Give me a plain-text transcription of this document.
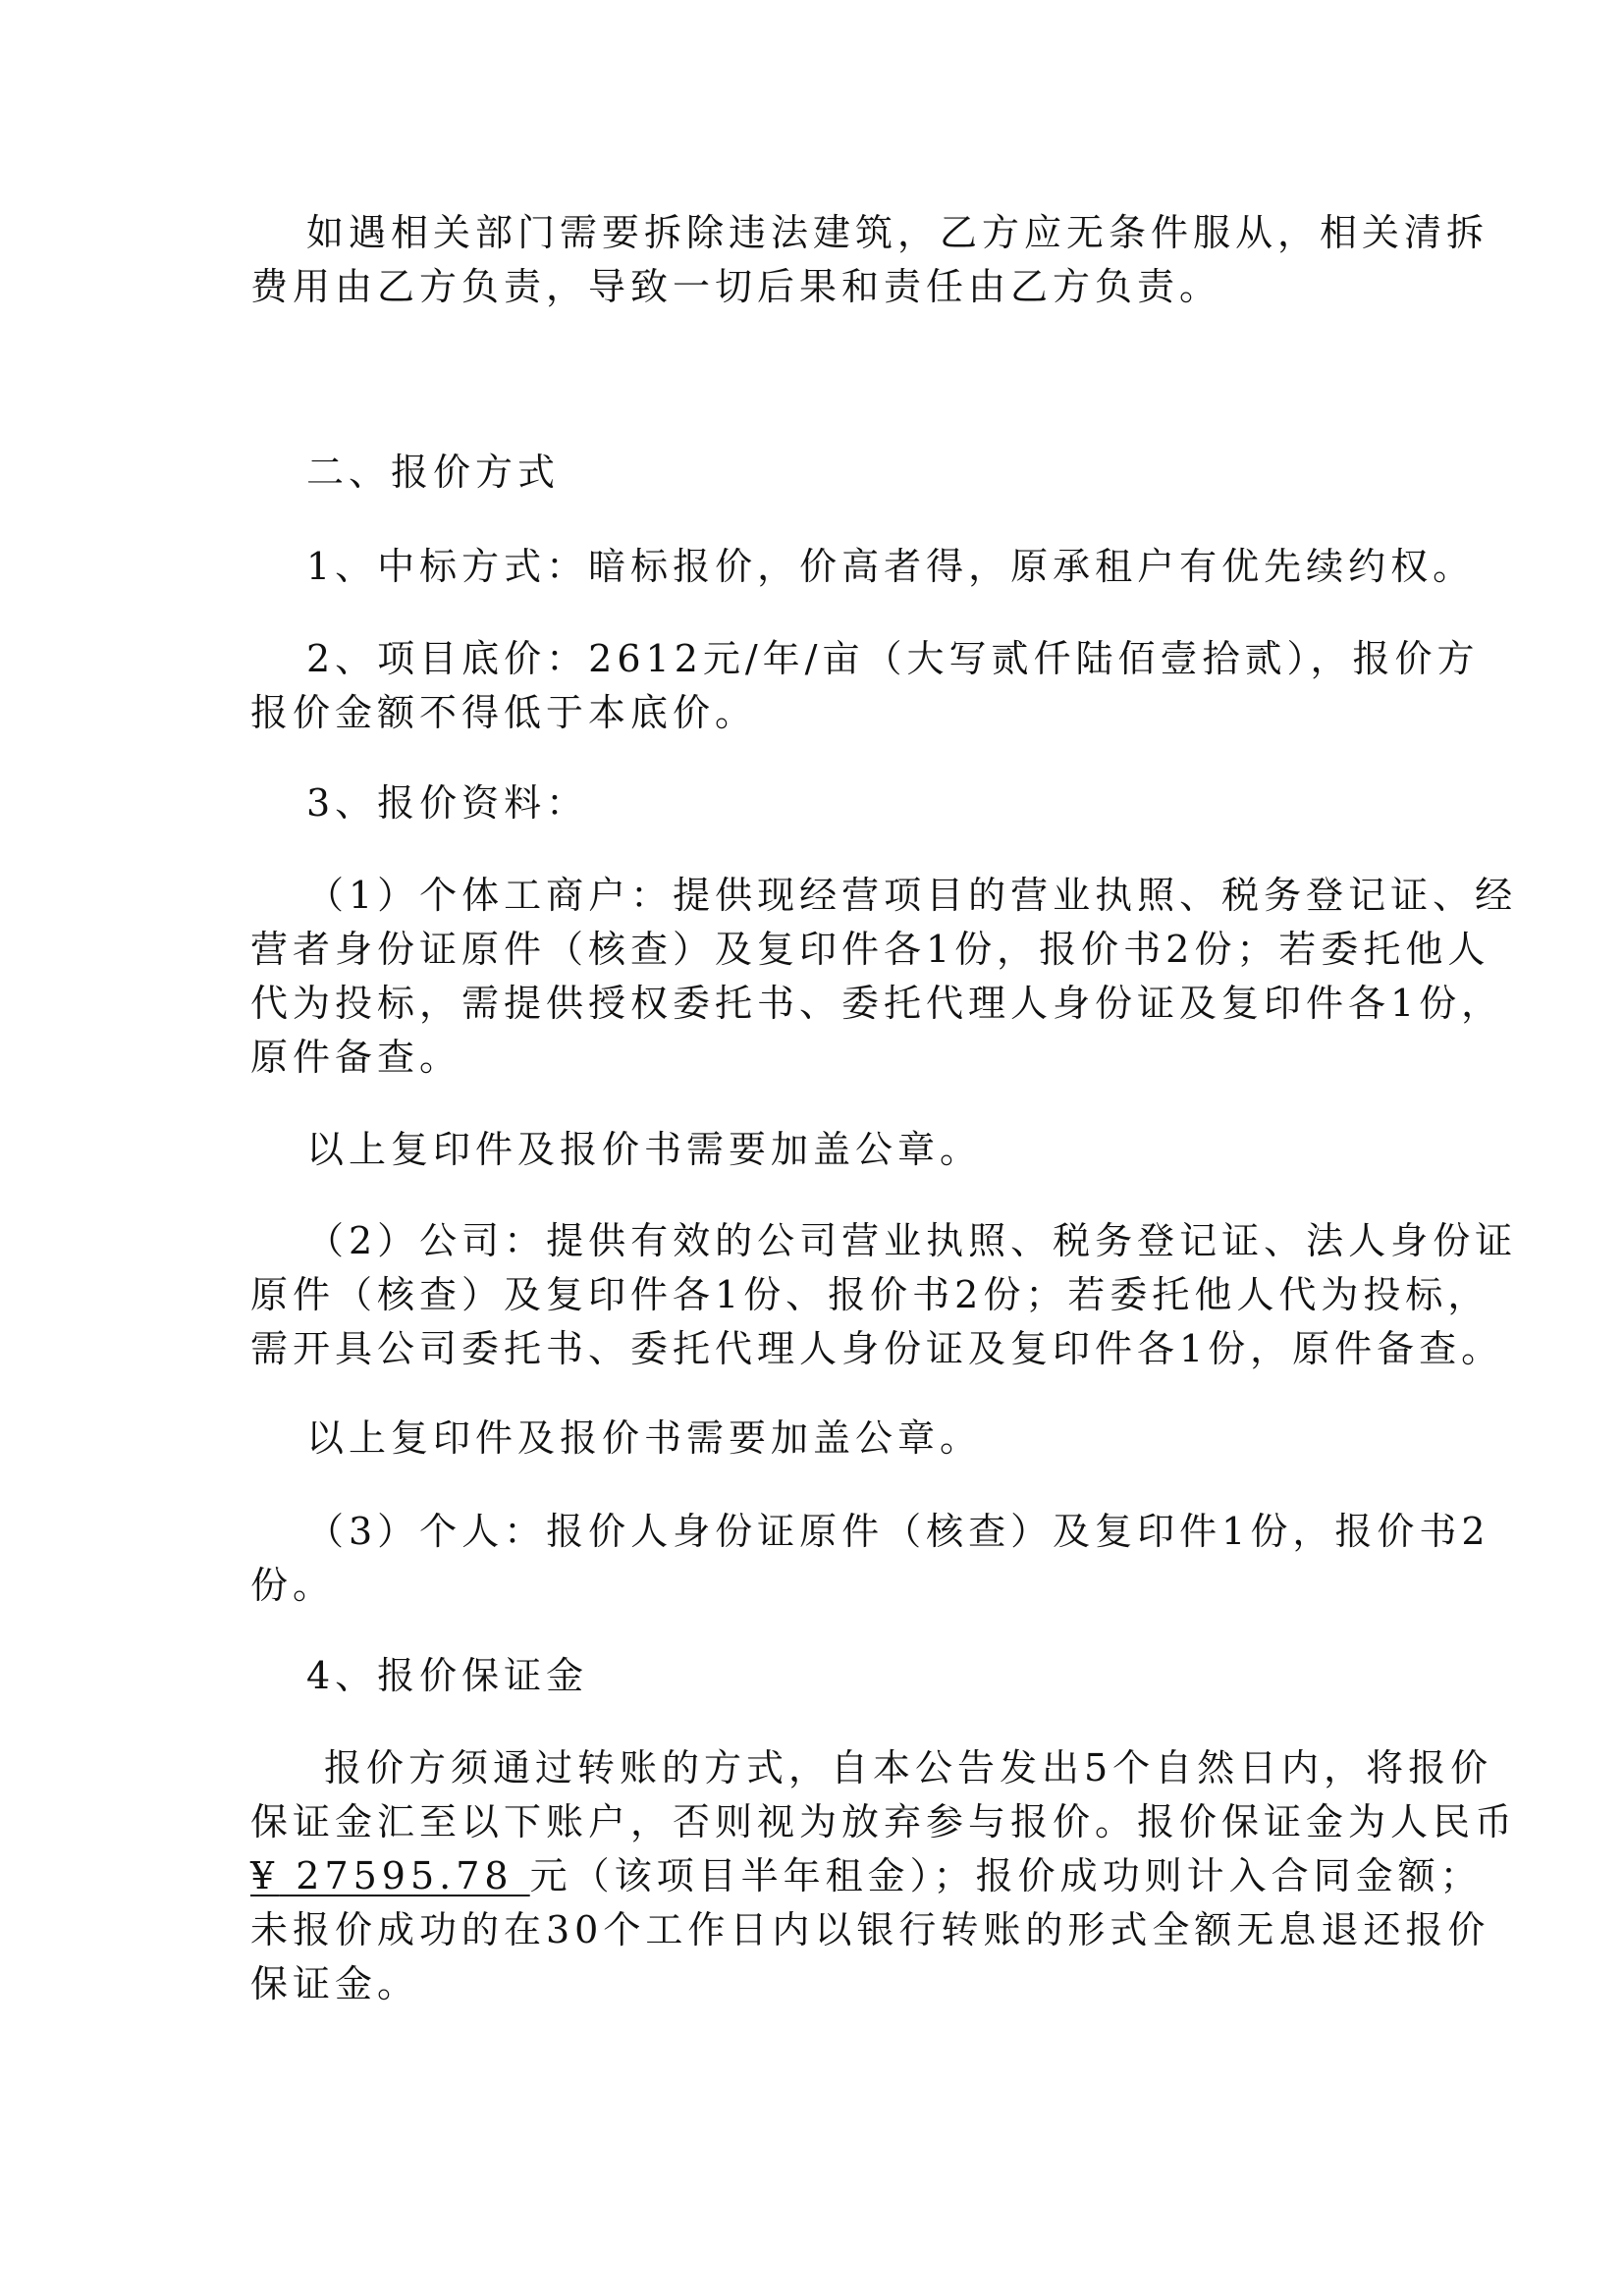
如遇相关部门需要拆除违法建筑，乙方应无条件服从，相关清拆
费用由乙方负责，导致一切后果和责任由乙方负责。
二、报价方式
1、中标方式：暗标报价，价高者得，原承租户有优先续约权。
2、项目底价：2612元/年/亩（大写贰仟陆佰壹拾贰），报价方
报价金额不得低于本底价。
3、报价资料：
（1）个体工商户：提供现经营项目的营业执照、税务登记证、经
营者身份证原件（核查）及复印件各1份，报价书2份；若委托他人
代为投标，需提供授权委托书、委托代理人身份证及复印件各1份，
原件备查。
以上复印件及报价书需要加盖公章。
（2）公司：提供有效的公司营业执照、税务登记证、法人身份证
原件（核查）及复印件各1份、报价书2份；若委托他人代为投标，
需开具公司委托书、委托代理人身份证及复印件各1份，原件备查。
以上复印件及报价书需要加盖公章。
（3）个人：报价人身份证原件（核查）及复印件1份，报价书2
份。
4、报价保证金
报价方须通过转账的方式，自本公告发出5个自然日内，将报价
保证金汇至以下账户，否则视为放弃参与报价。报价保证金为人民币
¥ 27595.78 元（该项目半年租金）；报价成功则计入合同金额；
未报价成功的在30个工作日内以银行转账的形式全额无息退还报价
保证金。
